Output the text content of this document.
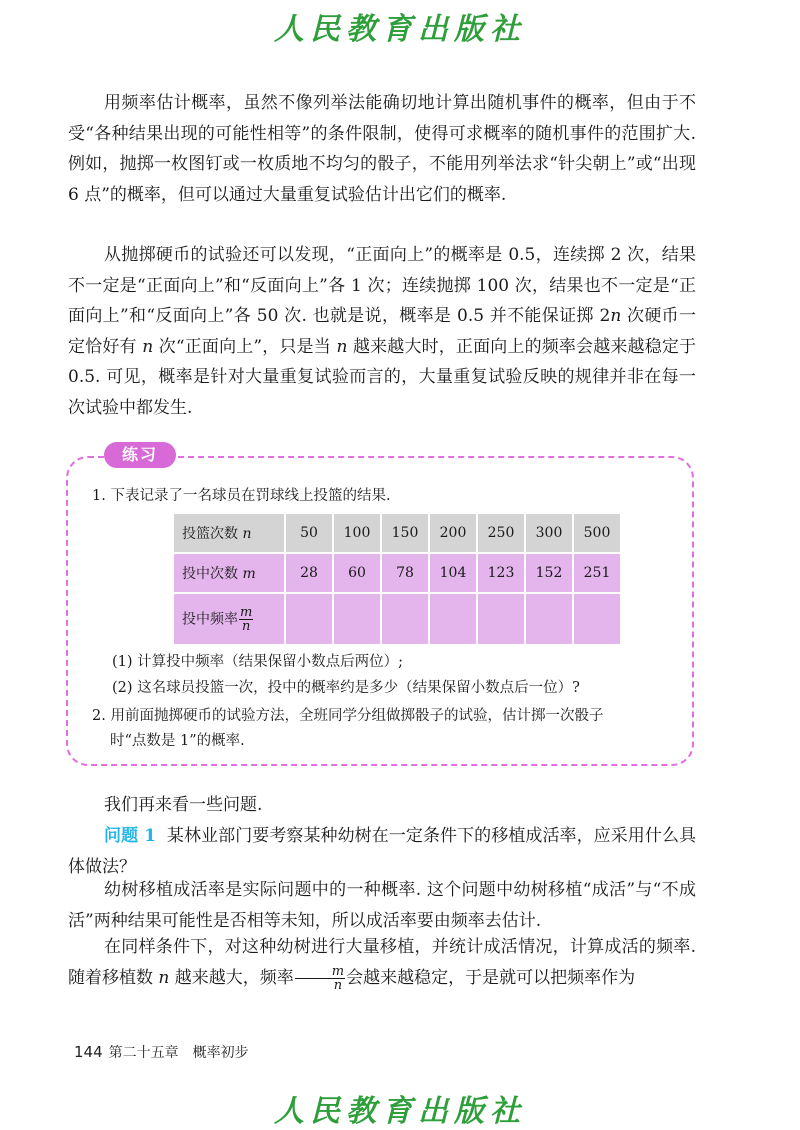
人民教育出版社

用频率估计概率，虽然不像列举法能确切地计算出随机事件的概率，但由于不受“各种结果出现的可能性相等”的条件限制，使得可求概率的随机事件的范围扩大. 例如，抛掷一枚图钉或一枚质地不均匀的骰子，不能用列举法求“针尖朝上”或“出现 6 点”的概率，但可以通过大量重复试验估计出它们的概率.

从抛掷硬币的试验还可以发现，“正面向上”的概率是 0.5，连续掷 2 次，结果不一定是“正面向上”和“反面向上”各 1 次；连续抛掷 100 次，结果也不一定是“正面向上”和“反面向上”各 50 次. 也就是说，概率是 0.5 并不能保证掷 2n 次硬币一定恰好有 n 次“正面向上”，只是当 n 越来越大时，正面向上的频率会越来越稳定于 0.5. 可见，概率是针对大量重复试验而言的，大量重复试验反映的规律并非在每一次试验中都发生.

练习

1. 下表记录了一名球员在罚球线上投篮的结果.

投篮次数 n	50	100	150	200	250	300	500
投中次数 m	28	60	78	104	123	152	251
投中频率 $\frac{m}{n}$

(1) 计算投中频率（结果保留小数点后两位）;

(2) 这名球员投篮一次，投中的概率约是多少（结果保留小数点后一位）?

2. 用前面抛掷硬币的试验方法，全班同学分组做掷骰子的试验，估计掷一次骰子

时“点数是 1”的概率.

我们再来看一些问题.

问题 1 某林业部门要考察某种幼树在一定条件下的移植成活率，应采用什么具体做法？

幼树移植成活率是实际问题中的一种概率. 这个问题中幼树移植“成活”与“不成活”两种结果可能性是否相等未知，所以成活率要由频率去估计.

在同样条件下，对这种幼树进行大量移植，并统计成活情况，计算成活的频率. 随着移植数 n 越来越大，频率 $\frac{m}{n}$ 会越来越稳定，于是就可以把频率作为

144 第二十五章 概率初步
人民教育出版社
